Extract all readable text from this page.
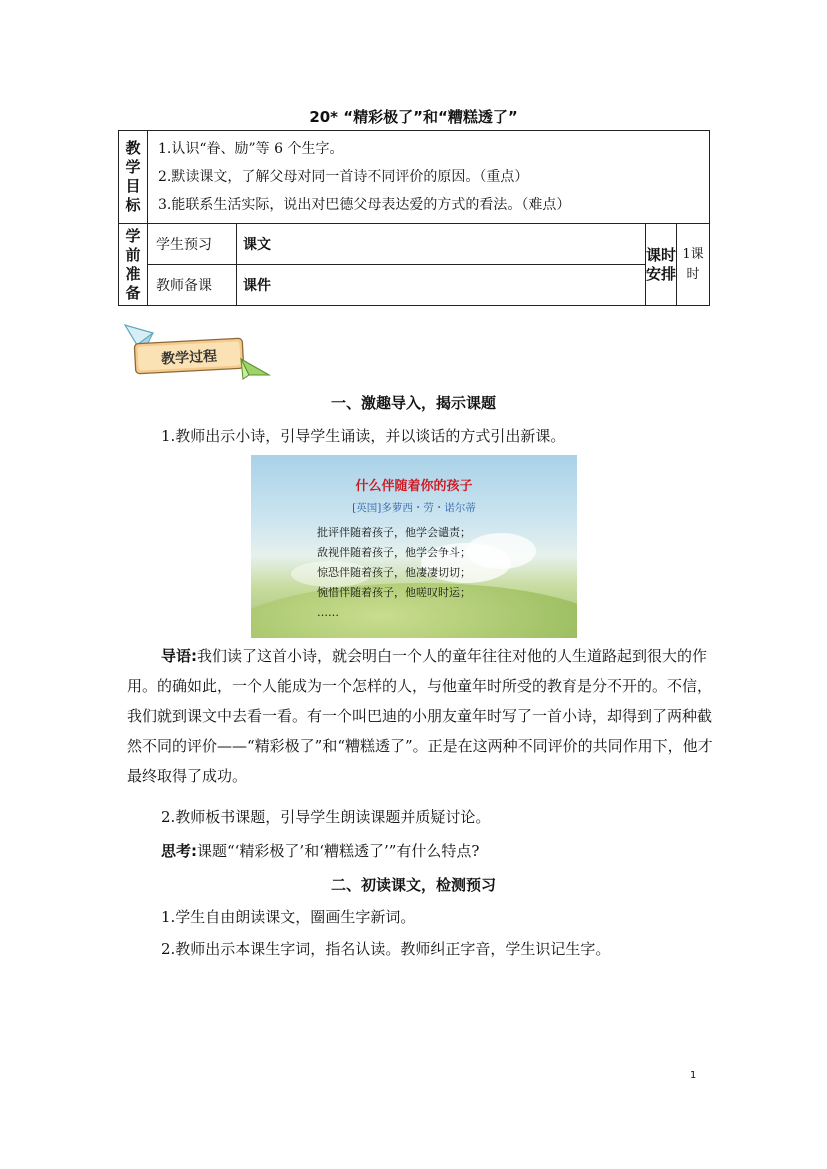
20* “精彩极了”和“糟糕透了”
教学目标	1.认识“眷、励”等 6 个生字。
2.默读课文，了解父母对同一首诗不同评价的原因。（重点）
3.能联系生活实际，说出对巴德父母表达爱的方式的看法。（难点）			

学前准备	学生预习	课文	课时安排	1课时
	教师备课	课件		
教学过程
一、激趣导入，揭示课题
1.教师出示小诗，引导学生诵读，并以谈话的方式引出新课。
什么伴随着你的孩子
[英国]多萝西・劳・诺尔蒂
批评伴随着孩子，他学会谴责；
敌视伴随着孩子，他学会争斗；
惊恐伴随着孩子，他凄凄切切；
惋惜伴随着孩子，他嗟叹时运；
……
导语:我们读了这首小诗，就会明白一个人的童年往往对他的人生道路起到很大的作用。的确如此，一个人能成为一个怎样的人，与他童年时所受的教育是分不开的。不信，我们就到课文中去看一看。有一个叫巴迪的小朋友童年时写了一首小诗，却得到了两种截然不同的评价——“精彩极了”和“糟糕透了”。正是在这两种不同评价的共同作用下，他才最终取得了成功。
2.教师板书课题，引导学生朗读课题并质疑讨论。
思考:课题“‘精彩极了’和‘糟糕透了’”有什么特点?
二、初读课文，检测预习
1.学生自由朗读课文，圈画生字新词。
2.教师出示本课生字词，指名认读。教师纠正字音，学生识记生字。
1
